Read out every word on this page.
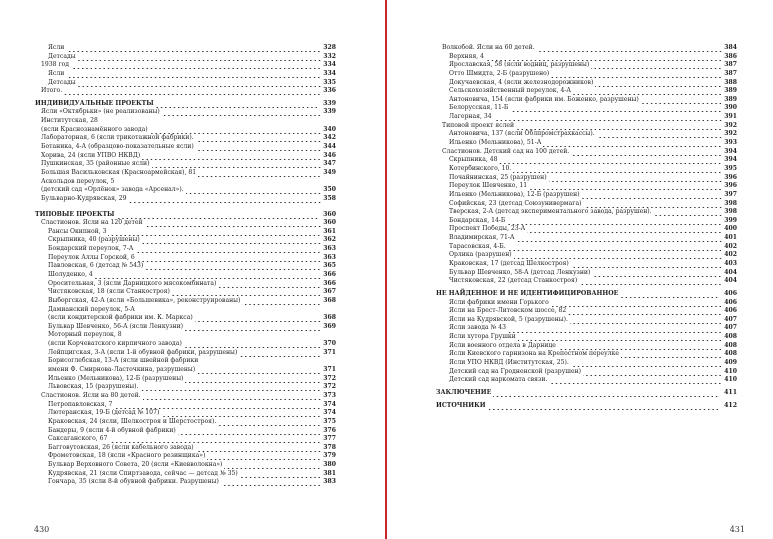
Ясли	328
Детсады	332
1938 год	334
Ясли	334
Детсады	335
Итого.	336
ИНДИВИДУАЛЬНЫЕ ПРОЕКТЫ	339
Ясли «Октябрьки» (не реализованы)	339
Институтская, 28
(ясли Краснознамённого завода)	340
Лабораторная, 6 (ясли трикотажной фабрики).	342
Ботаника, 4-А (образцово-показательные ясли)	344
Хорива, 24 (ясли УПВО НКВД)	346
Пушкинская, 35 (районные ясли)	347
Большая Васильковская (Красноармейская), 81	349
Аскольдов переулок, 5
(детский сад «Орлёнок» завода «Арсенал»).	350
Бульварно-Кудрявская, 29	358
ТИПОВЫЕ ПРОЕКТЫ	360
Сластионов. Ясли на 120 детей	360
Рансы Окипной, 3	361
Скрыпника, 40 (разрушены)	362
Бондарский переулок, 7-А	363
Переулок Аллы Горской, 6	363
Павловская, 6 (детсад № 543)	365
Шолуденко, 4	366
Оросительная, 3 (ясли Дарницкого мясокомбината)	366
Чистяковская, 18 (ясли Станкостроя)	367
Выборгская, 42-А (ясли «Большевика», реконструированы)	368
Дамианский переулок, 5-А
(ясли кондитерской фабрики им. К. Маркса)	368
Бульвар Шевченко, 56-А (ясли Ленкузни)	369
Моторный переулок, 8
(ясли Корчеватского кирпичного завода)	370
Лейпцигская, 3-А (ясли 1-й обувной фабрики, разрушены)	371
Борисоглебская, 13-А (ясли швейной фабрики
имени Ф. Смирнова-Ласточкина, разрушены)	371
Ильенко (Мельникова), 12-Б (разрушены)	372
Львовская, 15 (разрушены).	372
Сластионов. Ясли на 80 детей.	373
Петропавловская, 7	374
Лютеранская, 19-Б (детсад № 107)	374
Краковская, 24 (ясли, Шелкостроя и Шерстостроя).	375
Бандеры, 9 (ясли 4-й обувной фабрики)	376
Саксаганского, 67	377
Багговутовская, 26 (ясли кабельного завода)	378
Фрометовская, 18 (ясли «Красного резинщика»)	379
Бульвар Верховного Совета, 20 (ясли «Киевволокна»)	380
Кудрявская, 21 (ясли Спиртзавода, сейчас — детсад № 35)	381
Гончара, 35 (ясли 8-й обувной фабрики. Разрушены)	383
430
Волкобой. Ясли на 60 детей.	384
Верхняя, 4	386
Ярославская, 58 (ясли водниц, разрушены)	387
Отто Шмидта, 2-Б (разрушено)	387
Докучаевская, 4 (ясли железнодорожников)	388
Сельскохозяйственный переулок, 4-А	389
Антоновича, 154 (ясли фабрики им. Боженко, разрушены)	389
Белорусская, 11-Б	390
Лагерная, 34	391
Типовой проект яслей	392
Антоновича, 137 (ясли Облпромстрахкассы).	392
Ильенко (Мельникова), 51-А	393
Сластионов. Детский сад на 100 детей.	394
Скрыпника, 48	394
Котербинского, 10.	395
Почайнинская, 25 (разрушен)	396
Переулок Шевченко, 11	396
Ильенко (Мельникова), 12-Б (разрушен)	397
Софийская, 23 (детсад Союзунивермага)	398
Тверская, 2-А (детсад экспериментального завода, разрушен).	398
Бондарская, 14-Б	399
Проспект Победы, 23-А	400
Владимирская, 71-А	401
Тарасовская, 4-Б.	402
Орлика (разрушен)	402
Краковская, 17 (детсад Шелкостроя)	403
Бульвар Шевченко, 58-А (детсад Ленкузни)	404
Чистяковская, 22 (детсад Станкостроя)	404
НЕ НАЙДЕННОЕ И НЕ ИДЕНТИФИЦИРОВАННОЕ	406
Ясли фабрики имени Горького	406
Ясли на Брест-Литовском шоссе, 82	406
Ясли на Кудрявской, 5 (разрушены).	407
Ясли завода № 43	407
Ясли хутора Грушки	408
Ясли военного отдела в Дарнице	408
Ясли Киевского гарнизона на Крепостном переулке	408
Ясли УПО НКВД (Институтская, 25).	409
Детский сад на Гродненской (разрушен)	410
Детский сад наркомата связи.	410
ЗАКЛЮЧЕНИЕ	411
ИСТОЧНИКИ	412
431
